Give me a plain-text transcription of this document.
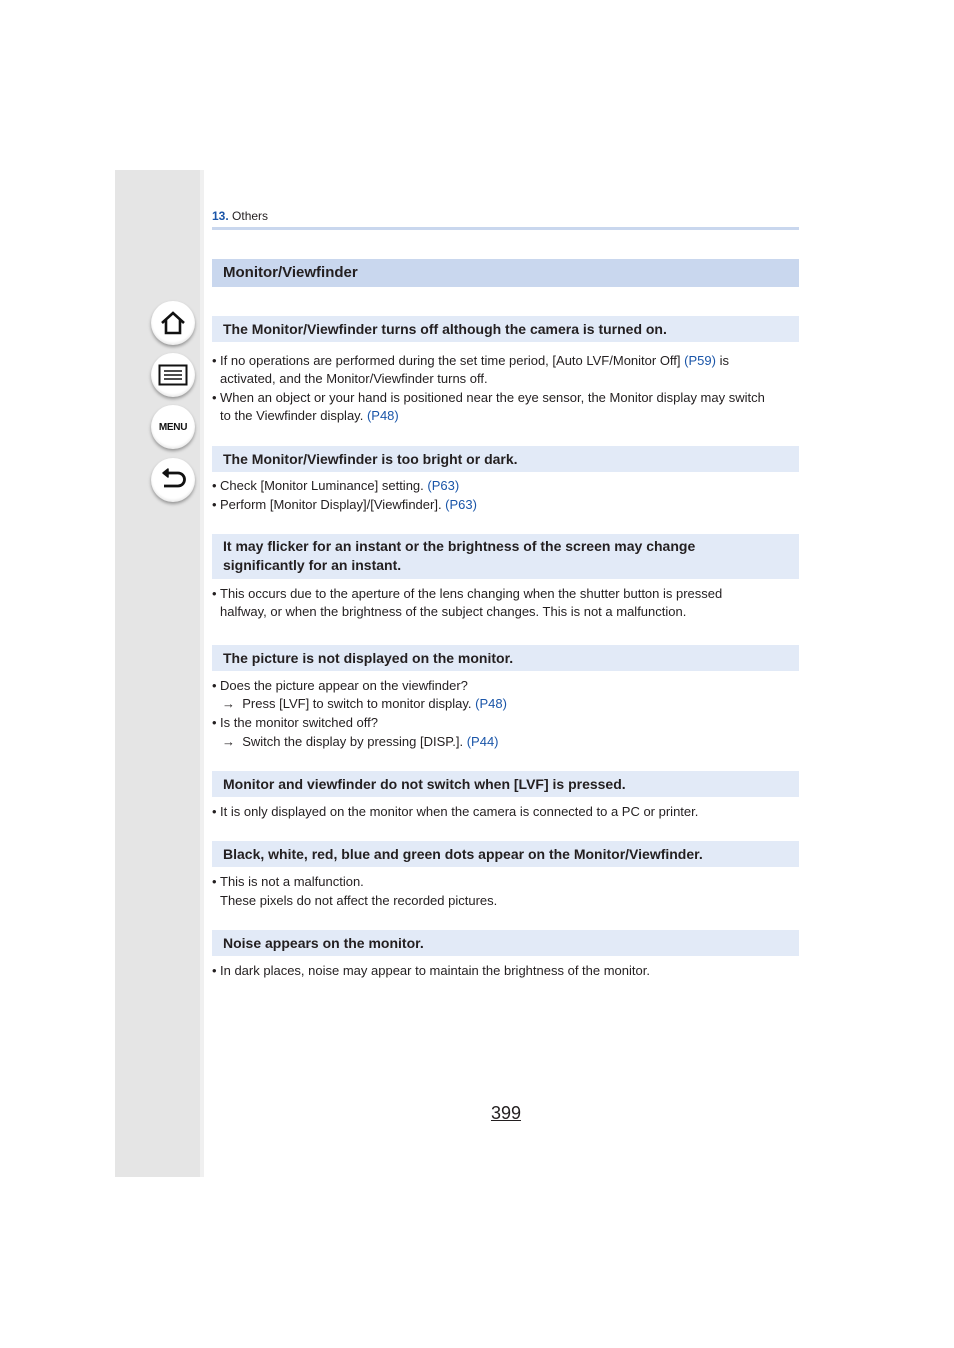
MENU
13. Others
Monitor/Viewfinder
The Monitor/Viewfinder turns off although the camera is turned on.
• If no operations are performed during the set time period, [Auto LVF/Monitor Off] (P59) is
activated, and the Monitor/Viewfinder turns off.
• When an object or your hand is positioned near the eye sensor, the Monitor display may switch
to the Viewfinder display. (P48)
The Monitor/Viewfinder is too bright or dark.
• Check [Monitor Luminance] setting. (P63)
• Perform [Monitor Display]/[Viewfinder]. (P63)
It may flicker for an instant or the brightness of the screen may change
significantly for an instant.
• This occurs due to the aperture of the lens changing when the shutter button is pressed
halfway, or when the brightness of the subject changes. This is not a malfunction.
The picture is not displayed on the monitor.
• Does the picture appear on the viewfinder?
→ Press [LVF] to switch to monitor display. (P48)
• Is the monitor switched off?
→ Switch the display by pressing [DISP.]. (P44)
Monitor and viewfinder do not switch when [LVF] is pressed.
• It is only displayed on the monitor when the camera is connected to a PC or printer.
Black, white, red, blue and green dots appear on the Monitor/Viewfinder.
• This is not a malfunction.
These pixels do not affect the recorded pictures.
Noise appears on the monitor.
• In dark places, noise may appear to maintain the brightness of the monitor.
399
